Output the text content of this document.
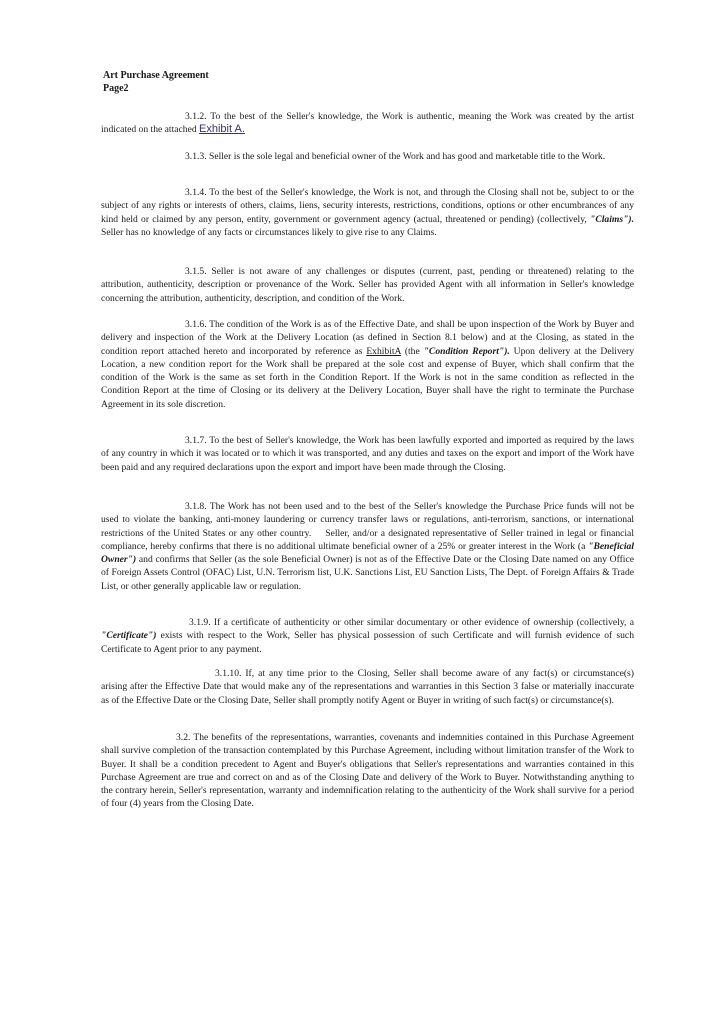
Art Purchase Agreement
Page2
3.1.2. To the best of the Seller's knowledge, the Work is authentic, meaning the Work was created by the artist indicated on the attached Exhibit A.
3.1.3. Seller is the sole legal and beneficial owner of the Work and has good and marketable title to the Work.
3.1.4. To the best of the Seller's knowledge, the Work is not, and through the Closing shall not be, subject to or the subject of any rights or interests of others, claims, liens, security interests, restrictions, conditions, options or other encumbrances of any kind held or claimed by any person, entity, government or government agency (actual, threatened or pending) (collectively, "Claims"). Seller has no knowledge of any facts or circumstances likely to give rise to any Claims.
3.1.5. Seller is not aware of any challenges or disputes (current, past, pending or threatened) relating to the attribution, authenticity, description or provenance of the Work. Seller has provided Agent with all information in Seller's knowledge concerning the attribution, authenticity, description, and condition of the Work.
3.1.6. The condition of the Work is as of the Effective Date, and shall be upon inspection of the Work by Buyer and delivery and inspection of the Work at the Delivery Location (as defined in Section 8.1 below) and at the Closing, as stated in the condition report attached hereto and incorporated by reference as ExhibitA (the "Condition Report"). Upon delivery at the Delivery Location, a new condition report for the Work shall be prepared at the sole cost and expense of Buyer, which shall confirm that the condition of the Work is the same as set forth in the Condition Report. If the Work is not in the same condition as reflected in the Condition Report at the time of Closing or its delivery at the Delivery Location, Buyer shall have the right to terminate the Purchase Agreement in its sole discretion.
3.1.7. To the best of Seller's knowledge, the Work has been lawfully exported and imported as required by the laws of any country in which it was located or to which it was transported, and any duties and taxes on the export and import of the Work have been paid and any required declarations upon the export and import have been made through the Closing.
3.1.8. The Work has not been used and to the best of the Seller's knowledge the Purchase Price funds will not be used to violate the banking, anti-money laundering or currency transfer laws or regulations, anti-terrorism, sanctions, or international restrictions of the United States or any other country. Seller, and/or a designated representative of Seller trained in legal or financial compliance, hereby confirms that there is no additional ultimate beneficial owner of a 25% or greater interest in the Work (a "Beneficial Owner") and confirms that Seller (as the sole Beneficial Owner) is not as of the Effective Date or the Closing Date named on any Office of Foreign Assets Control (OFAC) List, U.N. Terrorism list, U.K. Sanctions List, EU Sanction Lists, The Dept. of Foreign Affairs & Trade List, or other generally applicable law or regulation.
3.1.9. If a certificate of authenticity or other similar documentary or other evidence of ownership (collectively, a "Certificate") exists with respect to the Work, Seller has physical possession of such Certificate and will furnish evidence of such Certificate to Agent prior to any payment.
3.1.10. If, at any time prior to the Closing, Seller shall become aware of any fact(s) or circumstance(s) arising after the Effective Date that would make any of the representations and warranties in this Section 3 false or materially inaccurate as of the Effective Date or the Closing Date, Seller shall promptly notify Agent or Buyer in writing of such fact(s) or circumstance(s).
3.2. The benefits of the representations, warranties, covenants and indemnities contained in this Purchase Agreement shall survive completion of the transaction contemplated by this Purchase Agreement, including without limitation transfer of the Work to Buyer. It shall be a condition precedent to Agent and Buyer's obligations that Seller's representations and warranties contained in this Purchase Agreement are true and correct on and as of the Closing Date and delivery of the Work to Buyer. Notwithstanding anything to the contrary herein, Seller's representation, warranty and indemnification relating to the authenticity of the Work shall survive for a period of four (4) years from the Closing Date.
